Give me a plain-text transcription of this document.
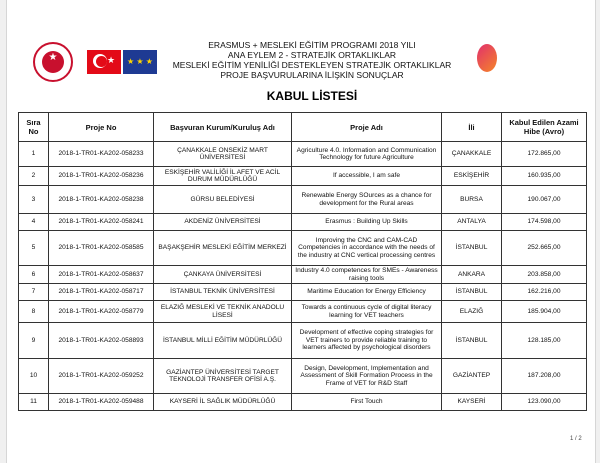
★	★	★ ★ ★
ERASMUS + MESLEKİ EĞİTİM PROGRAMI 2018 YILI
ANA EYLEM 2 - STRATEJİK ORTAKLIKLAR
MESLEKİ EĞİTİM YENİLİĞİ DESTEKLEYEN STRATEJİK ORTAKLIKLAR
PROJE BAŞVURULARINA İLİŞKİN SONUÇLAR
KABUL LİSTESİ
Sıra No	Proje No	Başvuran Kurum/Kuruluş Adı	Proje Adı	İli	Kabul Edilen Azami Hibe (Avro)
1	2018-1-TR01-KA202-058233	ÇANAKKALE ONSEKİZ MART ÜNİVERSİTESİ	Agriculture 4.0. Information and Communication Technology for future Agriculture	ÇANAKKALE	172.865,00
2	2018-1-TR01-KA202-058236	ESKİŞEHİR VALİLİĞİ İL AFET VE ACİL DURUM MÜDÜRLÜĞÜ	If accessible, I am safe	ESKİŞEHİR	160.935,00
3	2018-1-TR01-KA202-058238	GÜRSU BELEDİYESİ	Renewable Energy SOurces as a chance for development for the Rural areas	BURSA	190.067,00
4	2018-1-TR01-KA202-058241	AKDENİZ ÜNİVERSİTESİ	Erasmus : Building Up Skills	ANTALYA	174.598,00
5	2018-1-TR01-KA202-058585	BAŞAKŞEHİR MESLEKİ EĞİTİM MERKEZİ	Improving the CNC and CAM-CAD Competencies in accordance with the needs of the industry at CNC vertical processing centres	İSTANBUL	252.665,00
6	2018-1-TR01-KA202-058637	ÇANKAYA ÜNİVERSİTESİ	Industry 4.0 competences for SMEs - Awareness raising tools	ANKARA	203.858,00
7	2018-1-TR01-KA202-058717	İSTANBUL TEKNİK ÜNİVERSİTESİ	Maritime Education for Energy Efficiency	İSTANBUL	162.216,00
8	2018-1-TR01-KA202-058779	ELAZIĞ MESLEKİ VE TEKNİK ANADOLU LİSESİ	Towards a continuous cycle of digital literacy learning for VET teachers	ELAZIĞ	185.904,00
9	2018-1-TR01-KA202-058893	İSTANBUL MİLLİ EĞİTİM MÜDÜRLÜĞÜ	Development of effective coping strategies for VET trainers to provide reliable training to learners affected by psychological disorders	İSTANBUL	128.185,00
10	2018-1-TR01-KA202-059252	GAZİANTEP ÜNİVERSİTESİ TARGET TEKNOLOJİ TRANSFER OFİSİ A.Ş.	Design, Development, Implementation and Assessment of Skill Formation Process in the Frame of VET for R&D Staff	GAZİANTEP	187.208,00
11	2018-1-TR01-KA202-059488	KAYSERİ İL SAĞLIK MÜDÜRLÜĞÜ	First Touch	KAYSERİ	123.090,00
1 / 2
